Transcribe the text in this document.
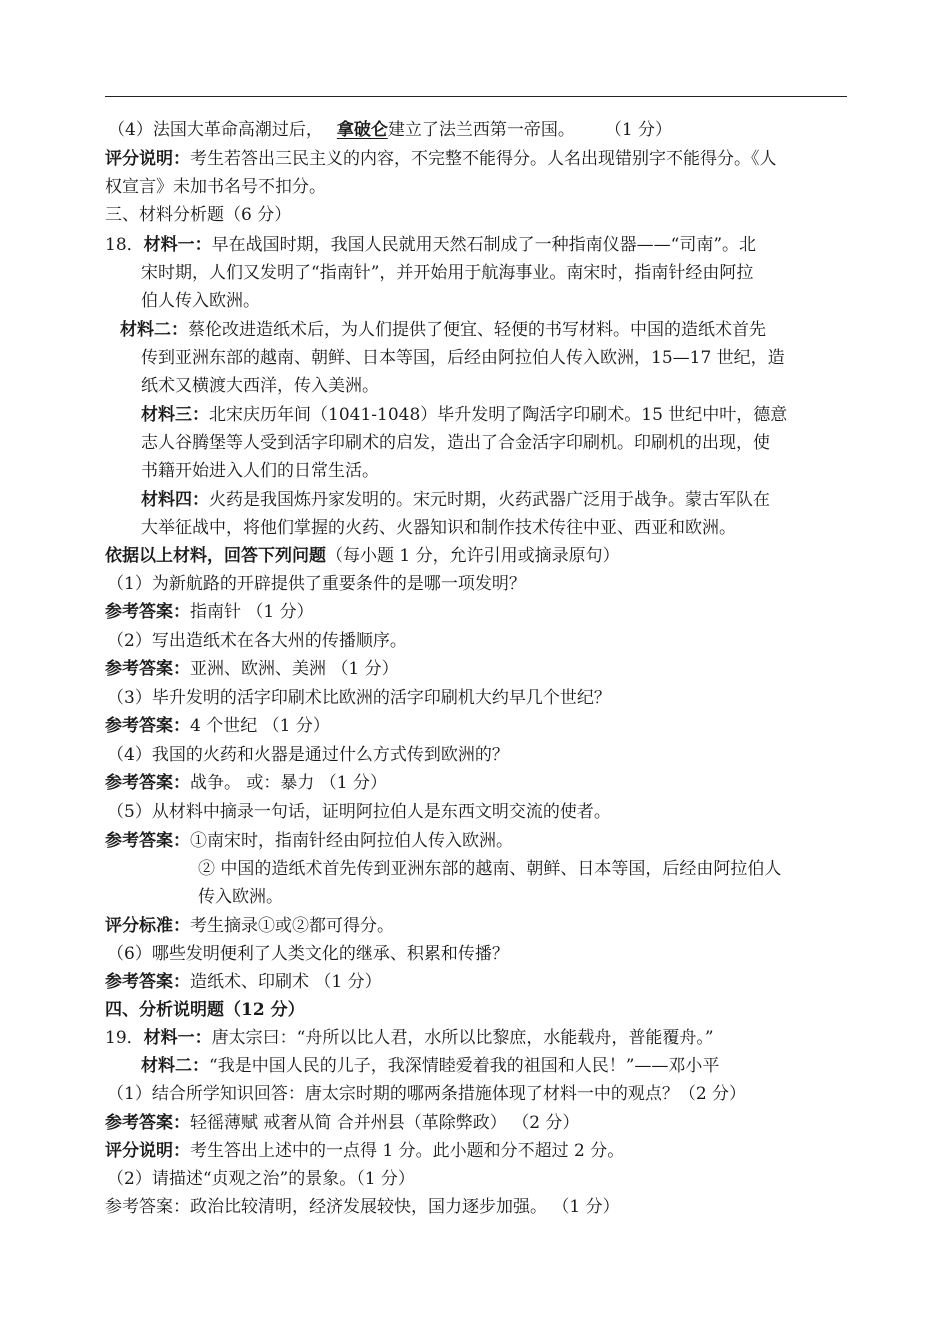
（4）法国大革命高潮过后， 拿破仑建立了法兰西第一帝国。 （1 分）
评分说明：考生若答出三民主义的内容，不完整不能得分。人名出现错别字不能得分。《人
权宣言》未加书名号不扣分。
三、材料分析题（6 分）
18．材料一：早在战国时期，我国人民就用天然石制成了一种指南仪器——“司南”。北
宋时期，人们又发明了“指南针”，并开始用于航海事业。南宋时，指南针经由阿拉
伯人传入欧洲。
材料二：蔡伦改进造纸术后，为人们提供了便宜、轻便的书写材料。中国的造纸术首先
传到亚洲东部的越南、朝鲜、日本等国，后经由阿拉伯人传入欧洲，15—17 世纪，造
纸术又横渡大西洋，传入美洲。
材料三：北宋庆历年间（1041-1048）毕升发明了陶活字印刷术。15 世纪中叶，德意
志人谷腾堡等人受到活字印刷术的启发，造出了合金活字印刷机。印刷机的出现，使
书籍开始进入人们的日常生活。
材料四：火药是我国炼丹家发明的。宋元时期，火药武器广泛用于战争。蒙古军队在
大举征战中，将他们掌握的火药、火器知识和制作技术传往中亚、西亚和欧洲。
依据以上材料，回答下列问题（每小题 1 分，允许引用或摘录原句）
（1）为新航路的开辟提供了重要条件的是哪一项发明？
参考答案：指南针 （1 分）
（2）写出造纸术在各大州的传播顺序。
参考答案：亚洲、欧洲、美洲 （1 分）
（3）毕升发明的活字印刷术比欧洲的活字印刷机大约早几个世纪？
参考答案：4 个世纪 （1 分）
（4）我国的火药和火器是通过什么方式传到欧洲的？
参考答案：战争。 或：暴力 （1 分）
（5）从材料中摘录一句话，证明阿拉伯人是东西文明交流的使者。
参考答案：①南宋时，指南针经由阿拉伯人传入欧洲。
② 中国的造纸术首先传到亚洲东部的越南、朝鲜、日本等国，后经由阿拉伯人
传入欧洲。
评分标准：考生摘录①或②都可得分。
（6）哪些发明便利了人类文化的继承、积累和传播？
参考答案：造纸术、印刷术 （1 分）
四、分析说明题（12 分）
19．材料一：唐太宗曰：“舟所以比人君，水所以比黎庶，水能载舟，普能覆舟。”
材料二：“我是中国人民的儿子，我深情睦爱着我的祖国和人民！”——邓小平
（1）结合所学知识回答：唐太宗时期的哪两条措施体现了材料一中的观点？（2 分）
参考答案：轻徭薄赋 戒奢从简 合并州县（革除弊政） （2 分）
评分说明：考生答出上述中的一点得 1 分。此小题和分不超过 2 分。
（2）请描述“贞观之治”的景象。（1 分）
参考答案：政治比较清明，经济发展较快，国力逐步加强。 （1 分）
